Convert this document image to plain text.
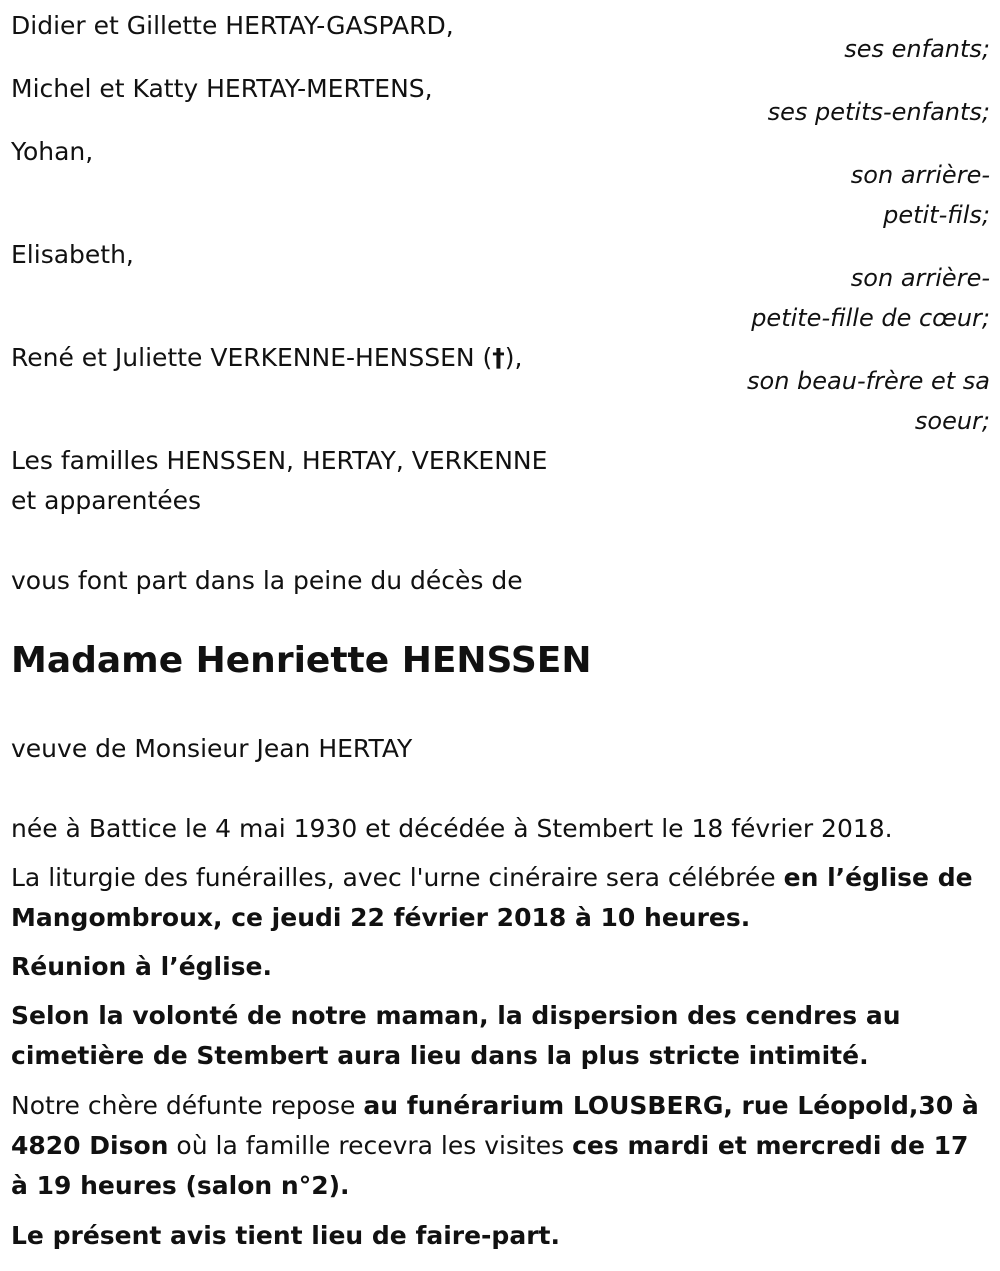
Didier et Gillette HERTAY-GASPARD,
ses enfants;
Michel et Katty HERTAY-MERTENS,
ses petits-enfants;
Yohan,
son arrière-
petit-fils;
Elisabeth,
son arrière-
petite-fille de cœur;
René et Juliette VERKENNE-HENSSEN (†),
son beau-frère et sa
soeur;
Les familles HENSSEN, HERTAY, VERKENNE
et apparentées
vous font part dans la peine du décès de
Madame Henriette HENSSEN
veuve de Monsieur Jean HERTAY
née à Battice le 4 mai 1930 et décédée à Stembert le 18 février 2018.
La liturgie des funérailles, avec l'urne cinéraire sera célébrée en l’église de Mangombroux, ce jeudi 22 février 2018 à 10 heures.
Réunion à l’église.
Selon la volonté de notre maman, la dispersion des cendres au cimetière de Stembert aura lieu dans la plus stricte intimité.
Notre chère défunte repose au funérarium LOUSBERG, rue Léopold,30 à 4820 Dison où la famille recevra les visites ces mardi et mercredi de 17 à 19 heures (salon n°2).
Le présent avis tient lieu de faire-part.
